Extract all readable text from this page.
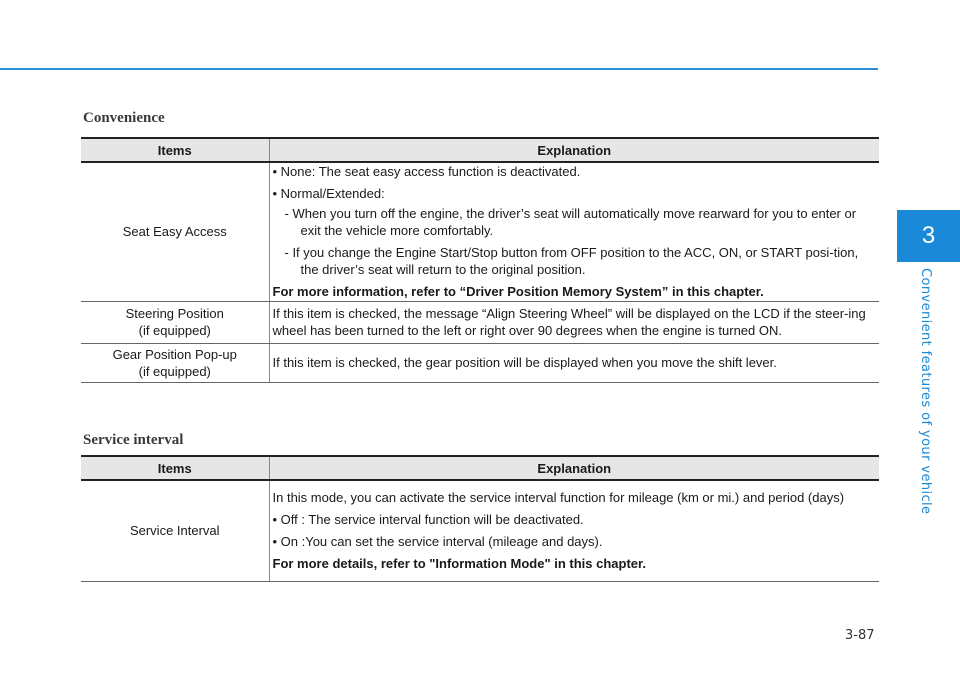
3
Convenient features of your vehicle
Convenience
Items	Explanation
Seat Easy Access	• None: The seat easy access function is deactivated.
• Normal/Extended:
- When you turn off the engine, the driver’s seat will automatically move rearward for you to enter or exit the vehicle more comfortably.
- If you change the Engine Start/Stop button from OFF position to the ACC, ON, or START posi-tion, the driver’s seat will return to the original position.
For more information, refer to “Driver Position Memory System” in this chapter.

Steering Position
(if equipped)	If this item is checked, the message “Align Steering Wheel” will be displayed on the LCD if the steer-ing wheel has been turned to the left or right over 90 degrees when the engine is turned ON.

Gear Position Pop-up
(if equipped)	If this item is checked, the gear position will be displayed when you move the shift lever.
Service interval
Items	Explanation
Service Interval	In this mode, you can activate the service interval function for mileage (km or mi.) and period (days)
• Off : The service interval function will be deactivated.
• On :You can set the service interval (mileage and days).
For more details, refer to "Information Mode" in this chapter.
3-87
